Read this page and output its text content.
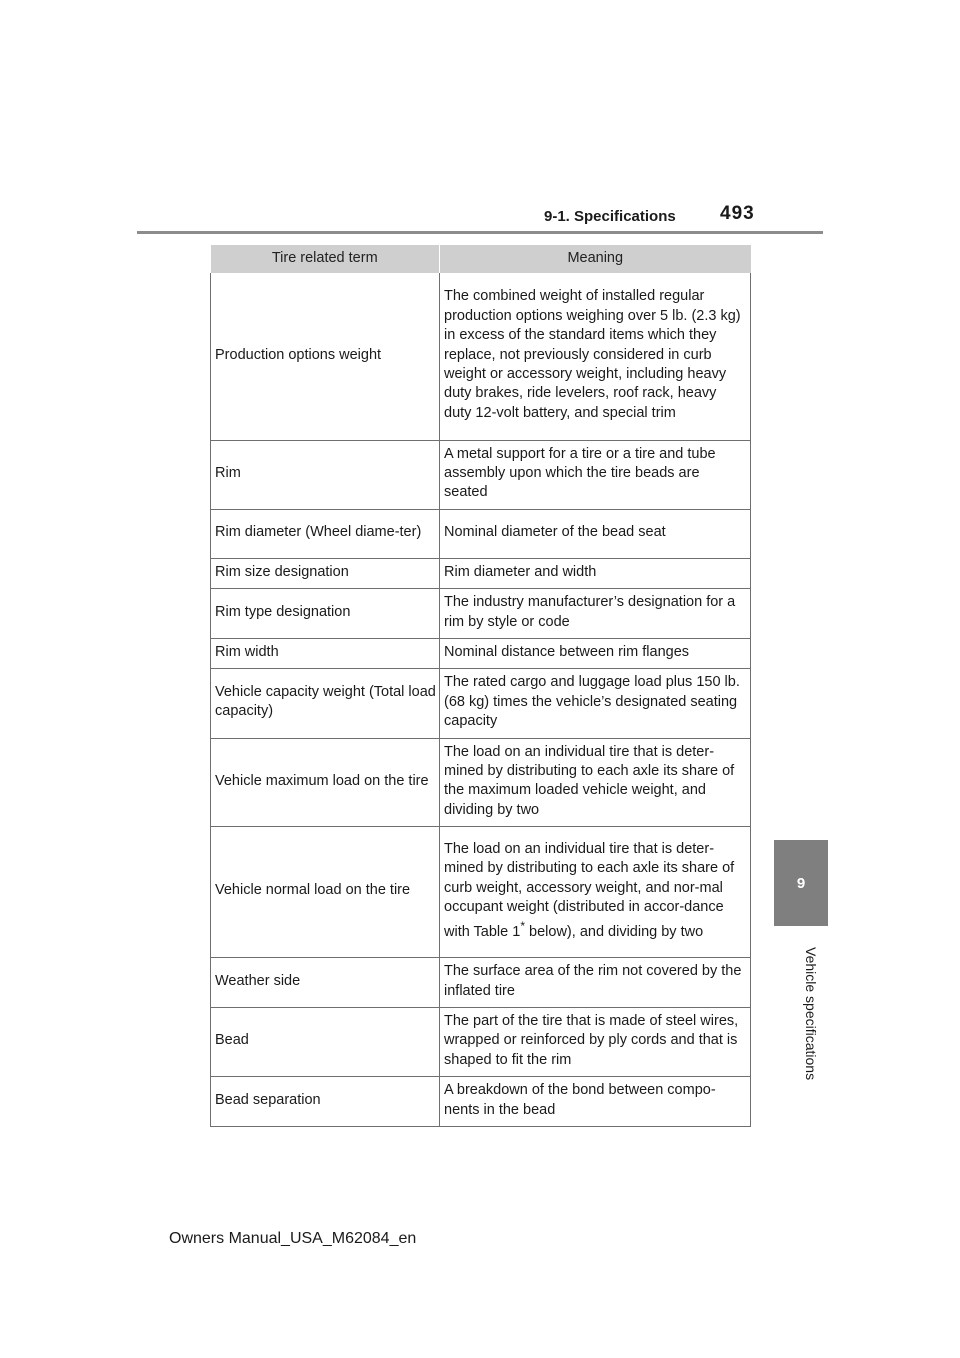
9-1. Specifications 493
9
Vehicle specifications
Tire related term	Meaning
Production options weight	The combined weight of installed regular production options weighing over 5 lb. (2.3 kg) in excess of the standard items which they replace, not previously considered in curb weight or accessory weight, including heavy duty brakes, ride levelers, roof rack, heavy duty 12-volt battery, and special trim
Rim	A metal support for a tire or a tire and tube assembly upon which the tire beads are seated
Rim diameter (Wheel diame-ter)	Nominal diameter of the bead seat
Rim size designation	Rim diameter and width
Rim type designation	The industry manufacturer’s designation for a rim by style or code
Rim width	Nominal distance between rim flanges
Vehicle capacity weight (Total load capacity)	The rated cargo and luggage load plus 150 lb. (68 kg) times the vehicle’s designated seating capacity
Vehicle maximum load on the tire	The load on an individual tire that is deter-mined by distributing to each axle its share of the maximum loaded vehicle weight, and dividing by two
Vehicle normal load on the tire	The load on an individual tire that is deter-mined by distributing to each axle its share of curb weight, accessory weight, and nor-mal occupant weight (distributed in accor-dance with Table 1* below), and dividing by two
Weather side	The surface area of the rim not covered by the inflated tire
Bead	The part of the tire that is made of steel wires, wrapped or reinforced by ply cords and that is shaped to fit the rim
Bead separation	A breakdown of the bond between compo-nents in the bead
Owners Manual_USA_M62084_en
